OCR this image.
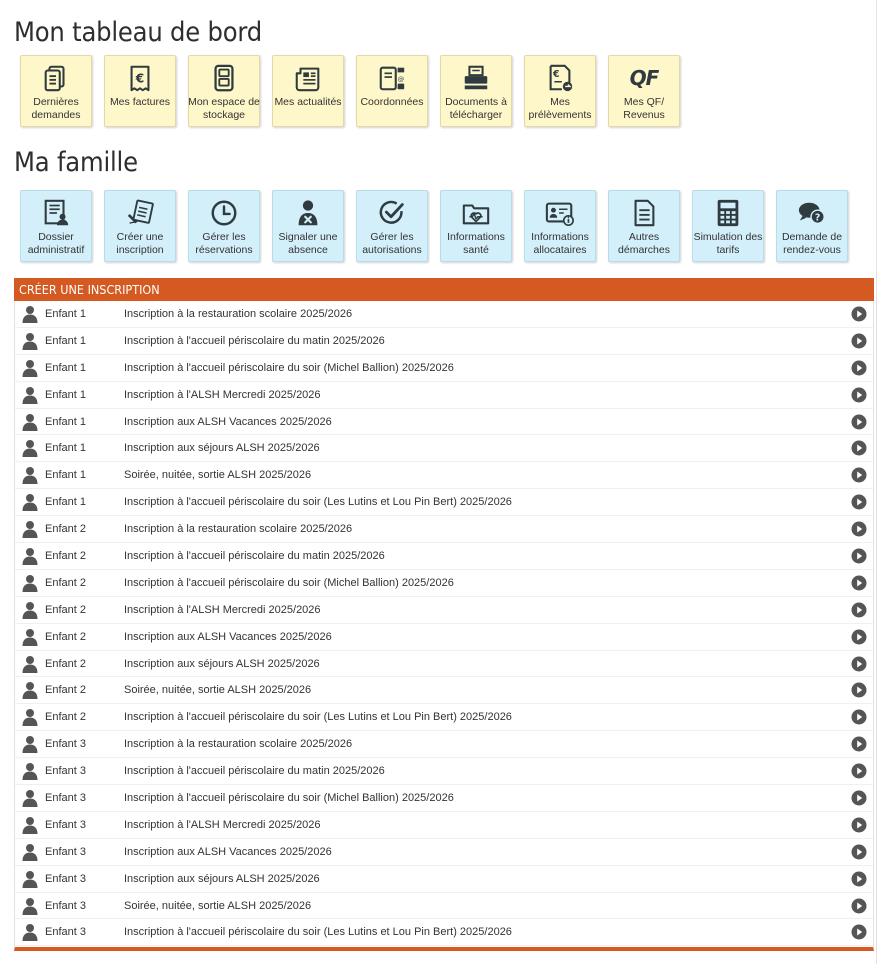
Mon tableau de bord
Dernières demandes
€
Mes factures	Mon espace de stockage
Mes actualités
@
Coordonnées	Documents à télécharger
€
Mes prélèvements
QF
Mes QF/ Revenus
Ma famille
Dossier administratif
Créer une inscription
Gérer les réservations
Signaler une absence
Gérer les autorisations
Informations santé
Informations allocataires
Autres démarches
Simulation des tarifs
?
Demande de rendez-vous
CRÉER UNE INSCRIPTION
Enfant 1	Inscription à la restauration scolaire 2025/2026
Enfant 1	Inscription à l'accueil périscolaire du matin 2025/2026
Enfant 1	Inscription à l'accueil périscolaire du soir (Michel Ballion) 2025/2026
Enfant 1	Inscription à l'ALSH Mercredi 2025/2026
Enfant 1	Inscription aux ALSH Vacances 2025/2026
Enfant 1	Inscription aux séjours ALSH 2025/2026
Enfant 1	Soirée, nuitée, sortie ALSH 2025/2026
Enfant 1	Inscription à l'accueil périscolaire du soir (Les Lutins et Lou Pin Bert) 2025/2026
Enfant 2	Inscription à la restauration scolaire 2025/2026
Enfant 2	Inscription à l'accueil périscolaire du matin 2025/2026
Enfant 2	Inscription à l'accueil périscolaire du soir (Michel Ballion) 2025/2026
Enfant 2	Inscription à l'ALSH Mercredi 2025/2026
Enfant 2	Inscription aux ALSH Vacances 2025/2026
Enfant 2	Inscription aux séjours ALSH 2025/2026
Enfant 2	Soirée, nuitée, sortie ALSH 2025/2026
Enfant 2	Inscription à l'accueil périscolaire du soir (Les Lutins et Lou Pin Bert) 2025/2026
Enfant 3	Inscription à la restauration scolaire 2025/2026
Enfant 3	Inscription à l'accueil périscolaire du matin 2025/2026
Enfant 3	Inscription à l'accueil périscolaire du soir (Michel Ballion) 2025/2026
Enfant 3	Inscription à l'ALSH Mercredi 2025/2026
Enfant 3	Inscription aux ALSH Vacances 2025/2026
Enfant 3	Inscription aux séjours ALSH 2025/2026
Enfant 3	Soirée, nuitée, sortie ALSH 2025/2026
Enfant 3	Inscription à l'accueil périscolaire du soir (Les Lutins et Lou Pin Bert) 2025/2026
